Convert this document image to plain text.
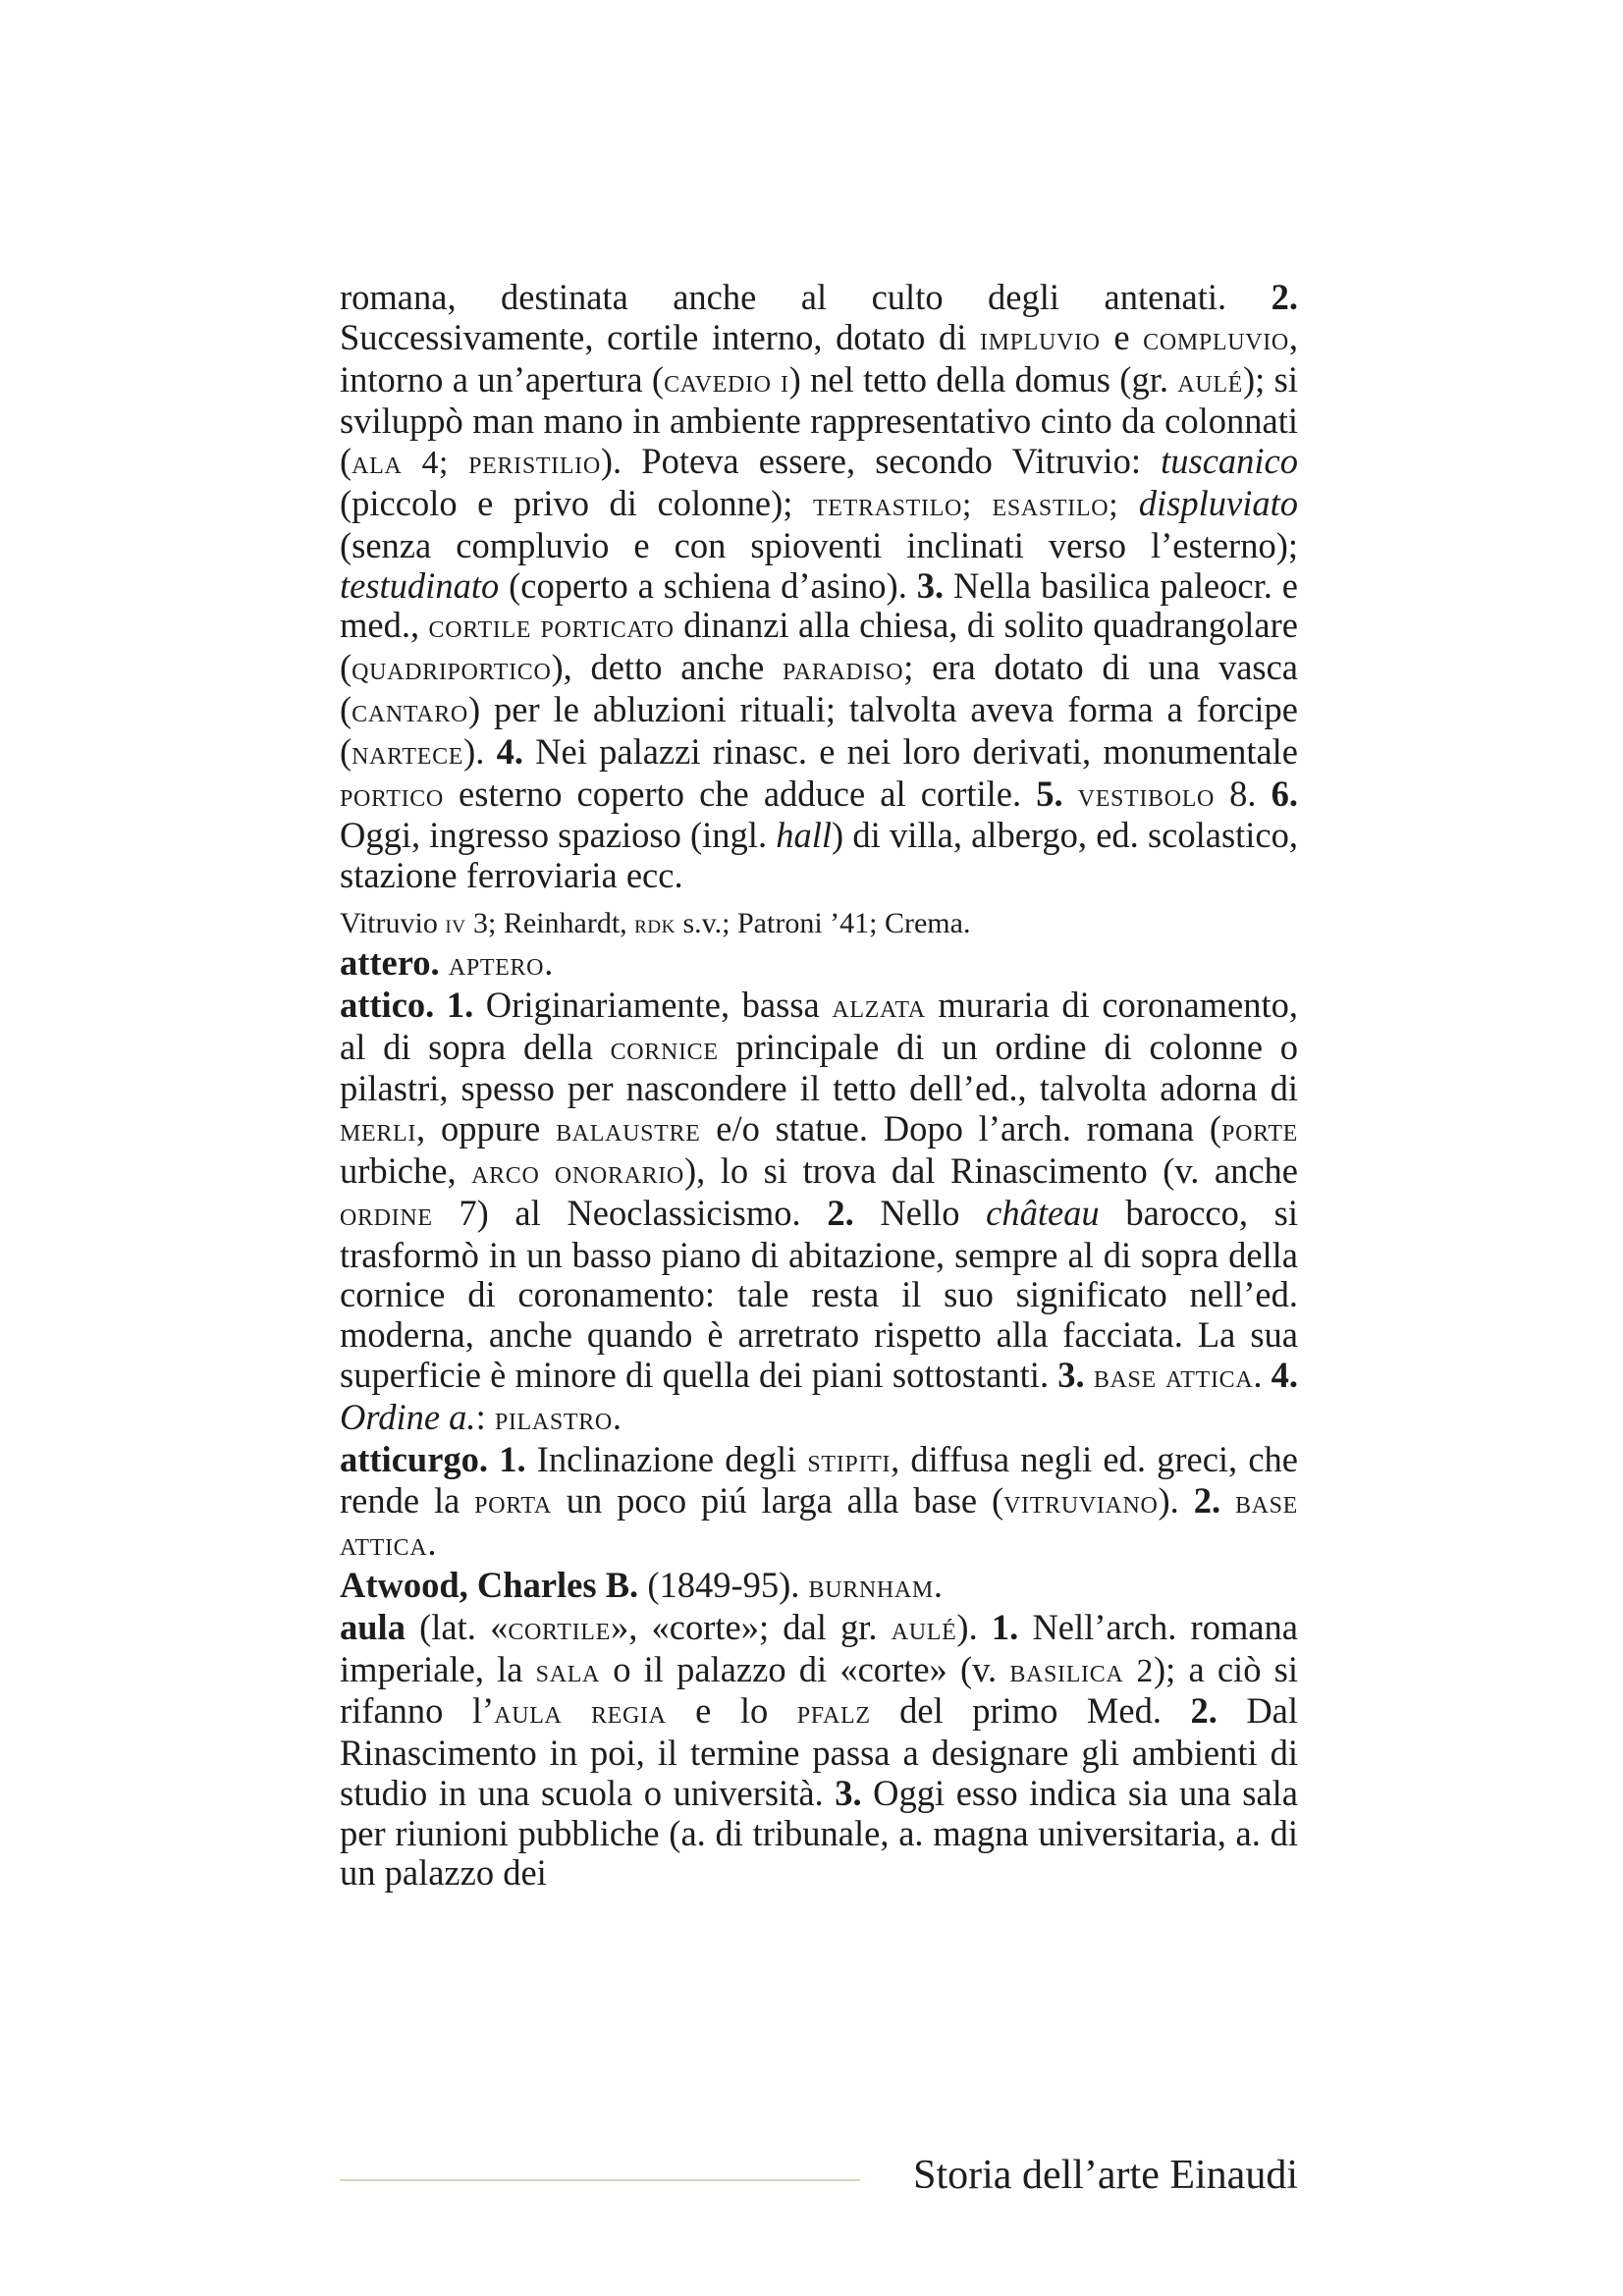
romana, destinata anche al culto degli antenati. 2. Successivamente, cortile interno, dotato di impluvio e compluvio, intorno a un’apertura (cavedio i) nel tetto della domus (gr. aulé); si sviluppò man mano in ambiente rappresentativo cinto da colonnati (ala 4; peristilio). Poteva essere, secondo Vitruvio: tuscanico (piccolo e privo di colonne); tetrastilo; esastilo; displuviato (senza compluvio e con spioventi inclinati verso l’esterno); testudinato (coperto a schiena d’asino). 3. Nella basilica paleocr. e med., cortile porticato dinanzi alla chiesa, di solito quadrangolare (quadriportico), detto anche paradiso; era dotato di una vasca (cantaro) per le abluzioni rituali; talvolta aveva forma a forcipe (nartece). 4. Nei palazzi rinasc. e nei loro derivati, monumentale portico esterno coperto che adduce al cortile. 5. vestibolo 8. 6. Oggi, ingresso spazioso (ingl. hall) di villa, albergo, ed. scolastico, stazione ferroviaria ecc.

Vitruvio iv 3; Reinhardt, rdk s.v.; Patroni ’41; Crema.

attero. aptero.

attico. 1. Originariamente, bassa alzata muraria di coronamento, al di sopra della cornice principale di un ordine di colonne o pilastri, spesso per nascondere il tetto dell’ed., talvolta adorna di merli, oppure balaustre e/o statue. Dopo l’arch. romana (porte urbiche, arco onorario), lo si trova dal Rinascimento (v. anche ordine 7) al Neoclassicismo. 2. Nello château barocco, si trasformò in un basso piano di abitazione, sempre al di sopra della cornice di coronamento: tale resta il suo significato nell’ed. moderna, anche quando è arretrato rispetto alla facciata. La sua superficie è minore di quella dei piani sottostanti. 3. base attica. 4. Ordine a.: pilastro.

atticurgo. 1. Inclinazione degli stipiti, diffusa negli ed. greci, che rende la porta un poco piú larga alla base (vitruviano). 2. base attica.

Atwood, Charles B. (1849-95). burnham.

aula (lat. «cortile», «corte»; dal gr. aulé). 1. Nell’arch. romana imperiale, la sala o il palazzo di «corte» (v. basilica 2); a ciò si rifanno l’aula regia e lo pfalz del primo Med. 2. Dal Rinascimento in poi, il termine passa a designare gli ambienti di studio in una scuola o università. 3. Oggi esso indica sia una sala per riunioni pubbliche (a. di tribunale, a. magna universitaria, a. di un palazzo dei

Storia dell’arte Einaudi
